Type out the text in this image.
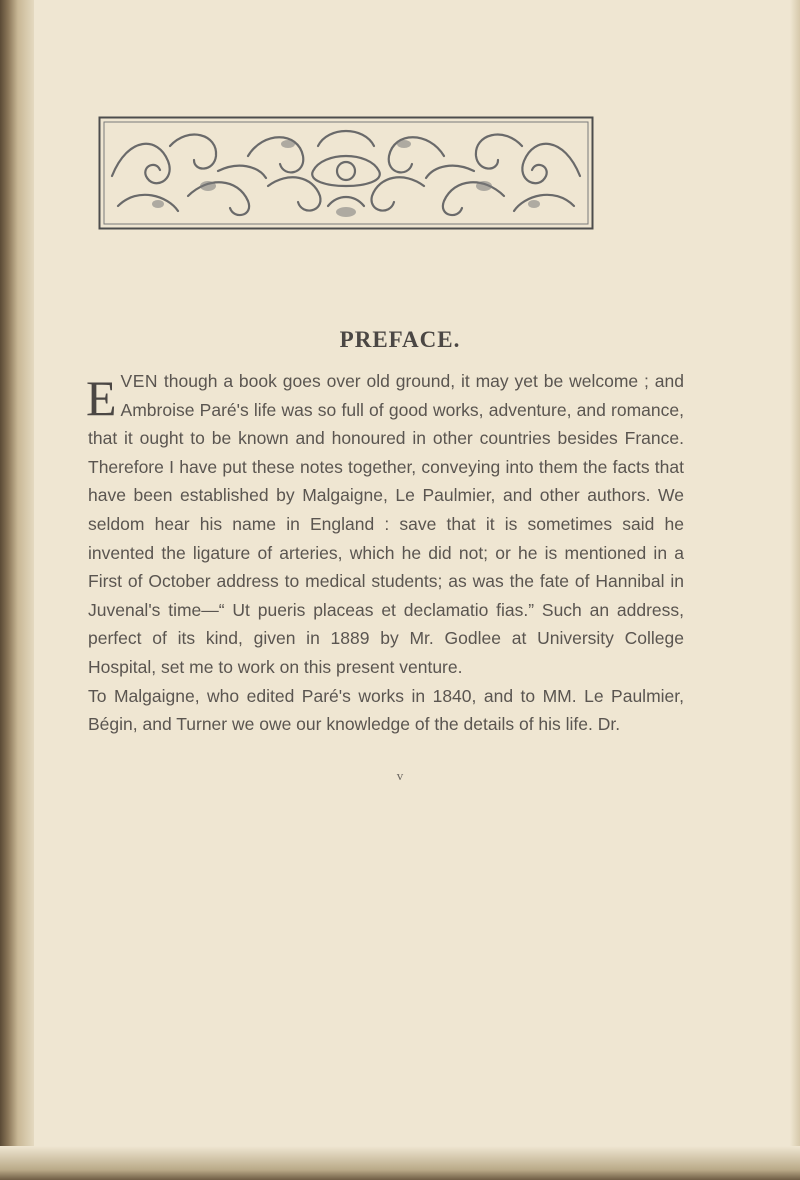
PREFACE.

EVEN though a book goes over old ground, it may yet be welcome ; and Ambroise Paré's life was so full of good works, adventure, and romance, that it ought to be known and honoured in other countries besides France. Therefore I have put these notes together, conveying into them the facts that have been established by Malgaigne, Le Paulmier, and other authors. We seldom hear his name in England : save that it is sometimes said he invented the ligature of arteries, which he did not; or he is mentioned in a First of October address to medical students; as was the fate of Hannibal in Juvenal's time—“ Ut pueris placeas et declamatio fias.” Such an address, perfect of its kind, given in 1889 by Mr. Godlee at University College Hospital, set me to work on this present venture.

To Malgaigne, who edited Paré's works in 1840, and to MM. Le Paulmier, Bégin, and Turner we owe our knowledge of the details of his life. Dr.

v
